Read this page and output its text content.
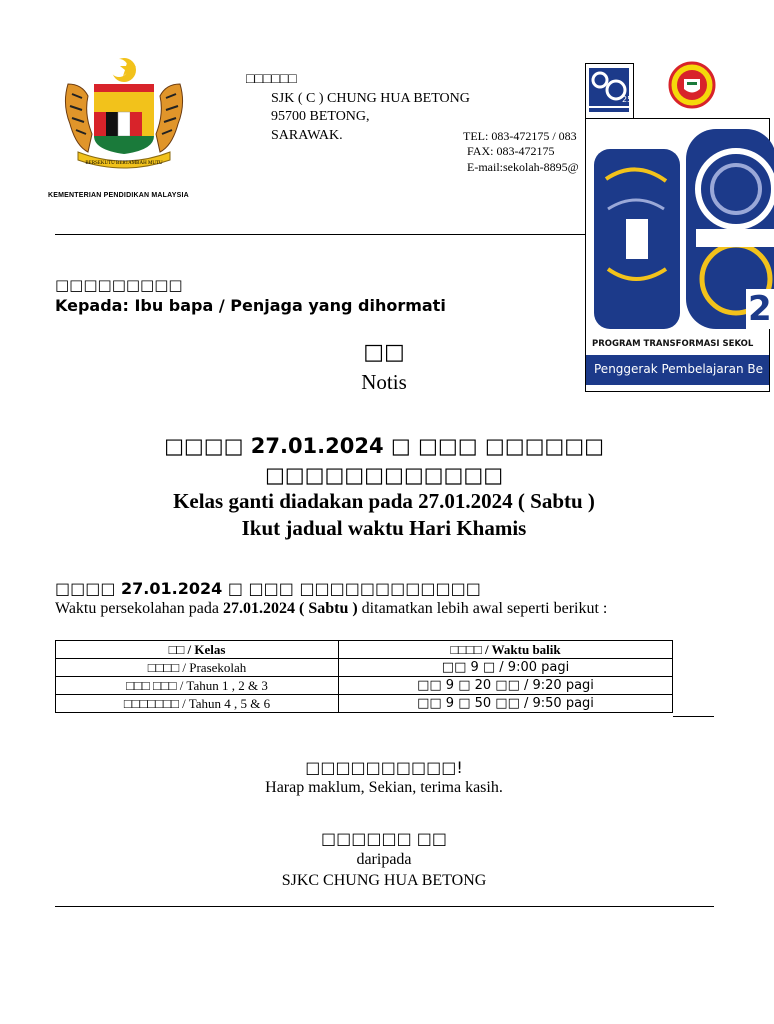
BERSEKUTU BERTAMBAH MUTU
KEMENTERIAN PENDIDIKAN MALAYSIA
□□□□□□
SJK ( C ) CHUNG HUA BETONG
95700 BETONG,
SARAWAK.	TEL: 083-472175 / 083
FAX: 083-472175
E-mail:sekolah-8895@
25
2
PROGRAM TRANSFORMASI SEKOL
Penggerak Pembelajaran Be
□□□□□□□□□
Kepada: Ibu bapa / Penjaga yang dihormati
□□
Notis
□□□□ 27.01.2024 □ □□□ □□□□□□
□□□□□□□□□□□□
Kelas ganti diadakan pada 27.01.2024 ( Sabtu )
Ikut jadual waktu Hari Khamis
□□□□ 27.01.2024 □ □□□ □□□□□□□□□□□□
Waktu persekolahan pada 27.01.2024 ( Sabtu ) ditamatkan lebih awal seperti berikut :
□□ / Kelas	□□□□ / Waktu balik
□□□□ / Prasekolah	□□ 9 □ / 9:00 pagi
□□□ □□□ / Tahun 1 , 2 & 3	□□ 9 □ 20 □□ / 9:20 pagi
□□□□□□□ / Tahun 4 , 5 & 6	□□ 9 □ 50 □□ / 9:50 pagi
□□□□□□□□□□!
Harap maklum, Sekian, terima kasih.
□□□□□□ □□
daripada
SJKC CHUNG HUA BETONG
